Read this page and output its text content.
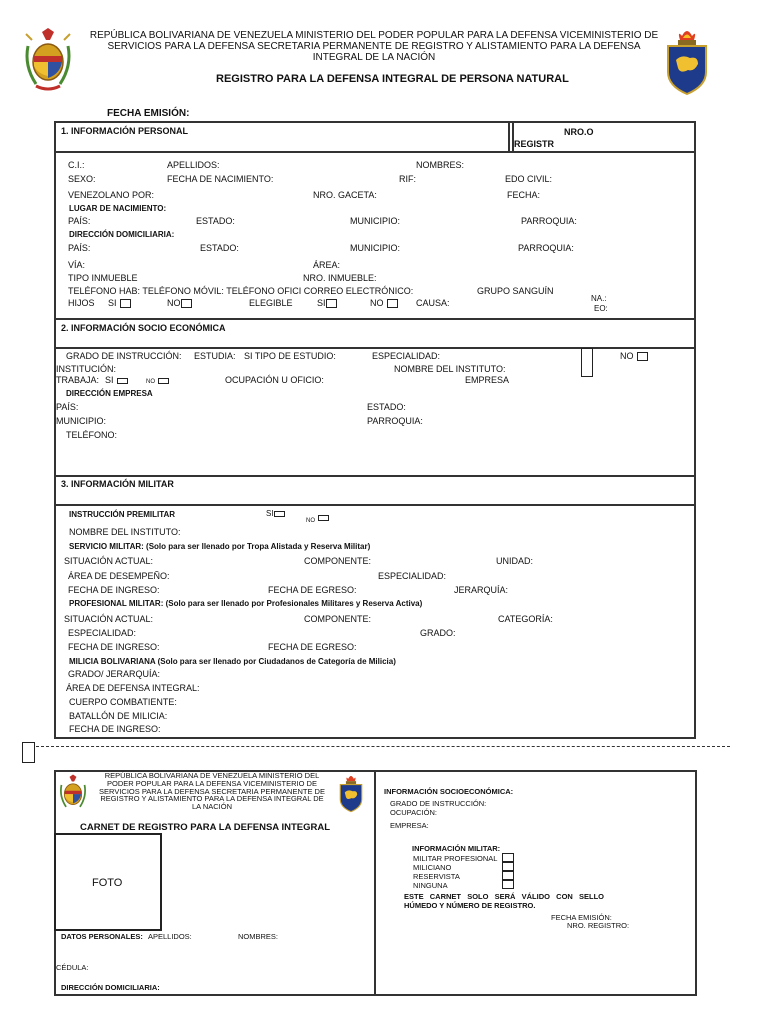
REPÚBLICA BOLIVARIANA DE VENEZUELA MINISTERIO DEL PODER POPULAR PARA LA DEFENSA VICEMINISTERIO DE SERVICIOS PARA LA DEFENSA SECRETARIA PERMANENTE DE REGISTRO Y ALISTAMIENTO PARA LA DEFENSA INTEGRAL DE LA NACIÓN
REGISTRO PARA LA DEFENSA INTEGRAL DE PERSONA NATURAL
FECHA EMISIÓN:
1. INFORMACIÓN PERSONAL	NRO.O REGISTR
C.I.:	APELLIDOS:	NOMBRES:
SEXO:	FECHA DE NACIMIENTO:	RIF:	EDO CIVIL:
VENEZOLANO POR:	NRO. GACETA:	FECHA:
LUGAR DE NACIMIENTO:
PAÍS:	ESTADO:	MUNICIPIO:	PARROQUIA:
DIRECCIÓN DOMICILIARIA:
PAÍS:	ESTADO:	MUNICIPIO:	PARROQUIA:
VÍA:	ÁREA:
TIPO INMUEBLE	NRO. INMUEBLE:
TELÉFONO HAB: TELÉFONO MÓVIL: TELÉFONO OFICI CORREO ELECTRÓNICO:	GRUPO SANGUÍN
HIJOS SI	NO	ELEGIBLE	SI	NO	CAUSA:	NA.:
EO:
2. INFORMACIÓN SOCIO ECONÓMICA
GRADO DE INSTRUCCIÓN: ESTUDIA: SI TIPO DE ESTUDIO:	ESPECIALIDAD:	NO
INSTITUCIÓN:	NOMBRE DEL INSTITUTO:
TRABAJA: SI	NO	OCUPACIÓN U OFICIO:	EMPRESA
DIRECCIÓN EMPRESA
PAÍS:	ESTADO:
MUNICIPIO:	PARROQUIA:
TELÉFONO:
3. INFORMACIÓN MILITAR
INSTRUCCIÓN PREMILITAR	SI
NO
NOMBRE DEL INSTITUTO:
SERVICIO MILITAR: (Solo para ser llenado por Tropa Alistada y Reserva Militar)
SITUACIÓN ACTUAL:	COMPONENTE:	UNIDAD:
ÁREA DE DESEMPEÑO:	ESPECIALIDAD:
FECHA DE INGRESO:	FECHA DE EGRESO:	JERARQUÍA:
PROFESIONAL MILITAR: (Solo para ser llenado por Profesionales Militares y Reserva Activa)
SITUACIÓN ACTUAL:	COMPONENTE:	CATEGORÍA:
ESPECIALIDAD:	GRADO:
FECHA DE INGRESO:	FECHA DE EGRESO:
MILICIA BOLIVARIANA (Solo para ser llenado por Ciudadanos de Categoría de Milicia)
GRADO/ JERARQUÍA:
ÁREA DE DEFENSA INTEGRAL:
CUERPO COMBATIENTE:
BATALLÓN DE MILICIA:
FECHA DE INGRESO:
REPÚBLICA BOLIVARIANA DE VENEZUELA MINISTERIO DEL PODER POPULAR PARA LA DEFENSA VICEMINISTERIO DE SERVICIOS PARA LA DEFENSA SECRETARIA PERMANENTE DE REGISTRO Y ALISTAMIENTO PARA LA DEFENSA INTEGRAL DE LA NACIÓN
CARNET DE REGISTRO PARA LA DEFENSA INTEGRAL
FOTO
DATOS PERSONALES: APELLIDOS:	NOMBRES:
CÉDULA:
DIRECCIÓN DOMICILIARIA:
INFORMACIÓN SOCIOECONÓMICA:
GRADO DE INSTRUCCIÓN:
OCUPACIÓN:
EMPRESA:
INFORMACIÓN MILITAR:
MILITAR PROFESIONAL
MILICIANO
RESERVISTA
NINGUNA
ESTE CARNET SOLO SERÁ VÁLIDO CON SELLO HÚMEDO Y NÚMERO DE REGISTRO.
FECHA EMISIÓN:
NRO. REGISTRO:
